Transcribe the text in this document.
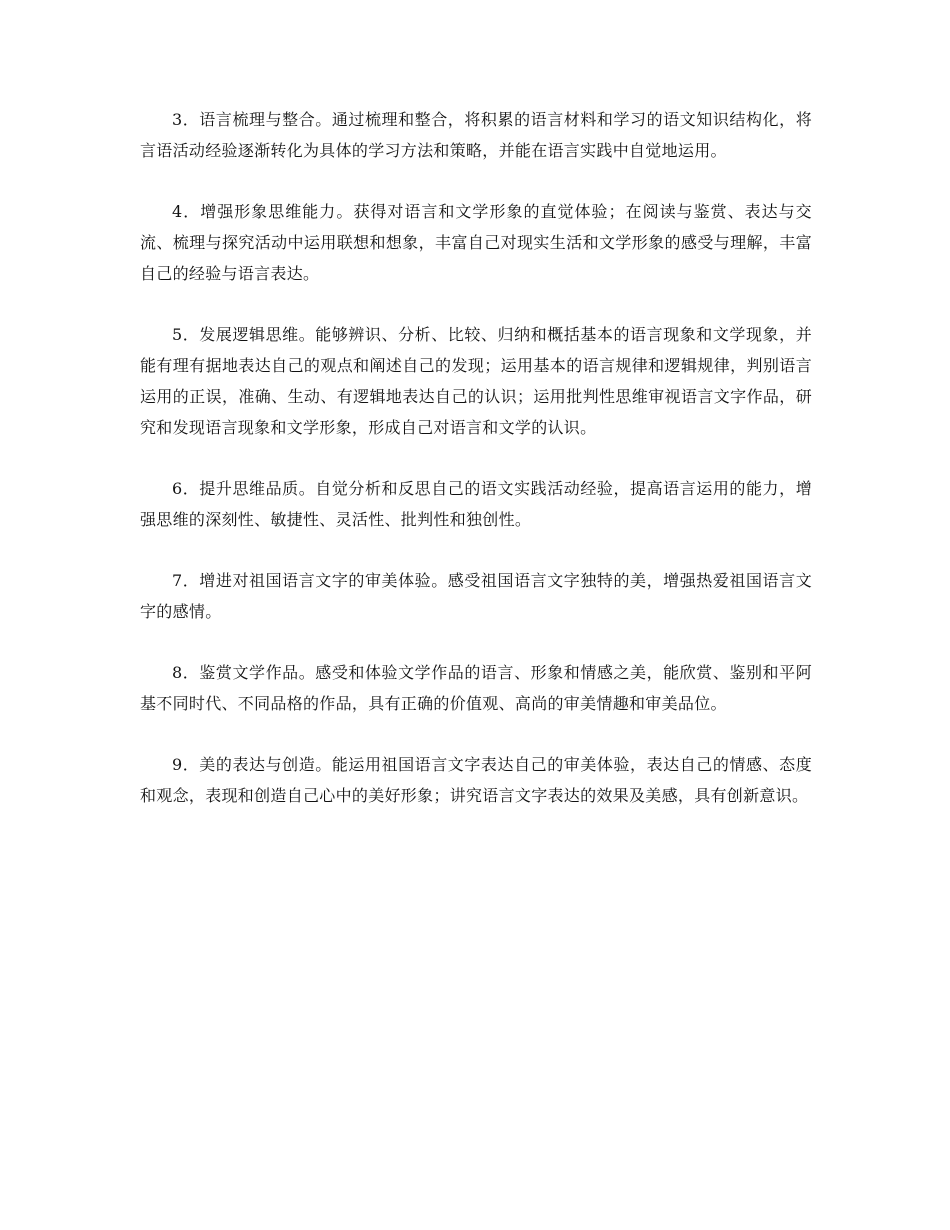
3．语言梳理与整合。通过梳理和整合，将积累的语言材料和学习的语文知识结构化，将言语活动经验逐渐转化为具体的学习方法和策略，并能在语言实践中自觉地运用。

4．增强形象思维能力。获得对语言和文学形象的直觉体验；在阅读与鉴赏、表达与交流、梳理与探究活动中运用联想和想象，丰富自己对现实生活和文学形象的感受与理解，丰富自己的经验与语言表达。

5．发展逻辑思维。能够辨识、分析、比较、归纳和概括基本的语言现象和文学现象，并能有理有据地表达自己的观点和阐述自己的发现；运用基本的语言规律和逻辑规律，判别语言运用的正误，准确、生动、有逻辑地表达自己的认识；运用批判性思维审视语言文字作品，研究和发现语言现象和文学形象，形成自己对语言和文学的认识。

6．提升思维品质。自觉分析和反思自己的语文实践活动经验，提高语言运用的能力，增强思维的深刻性、敏捷性、灵活性、批判性和独创性。

7．增进对祖国语言文字的审美体验。感受祖国语言文字独特的美，增强热爱祖国语言文字的感情。

8．鉴赏文学作品。感受和体验文学作品的语言、形象和情感之美，能欣赏、鉴别和平阿基不同时代、不同品格的作品，具有正确的价值观、高尚的审美情趣和审美品位。

9．美的表达与创造。能运用祖国语言文字表达自己的审美体验，表达自己的情感、态度和观念，表现和创造自己心中的美好形象；讲究语言文字表达的效果及美感，具有创新意识。
